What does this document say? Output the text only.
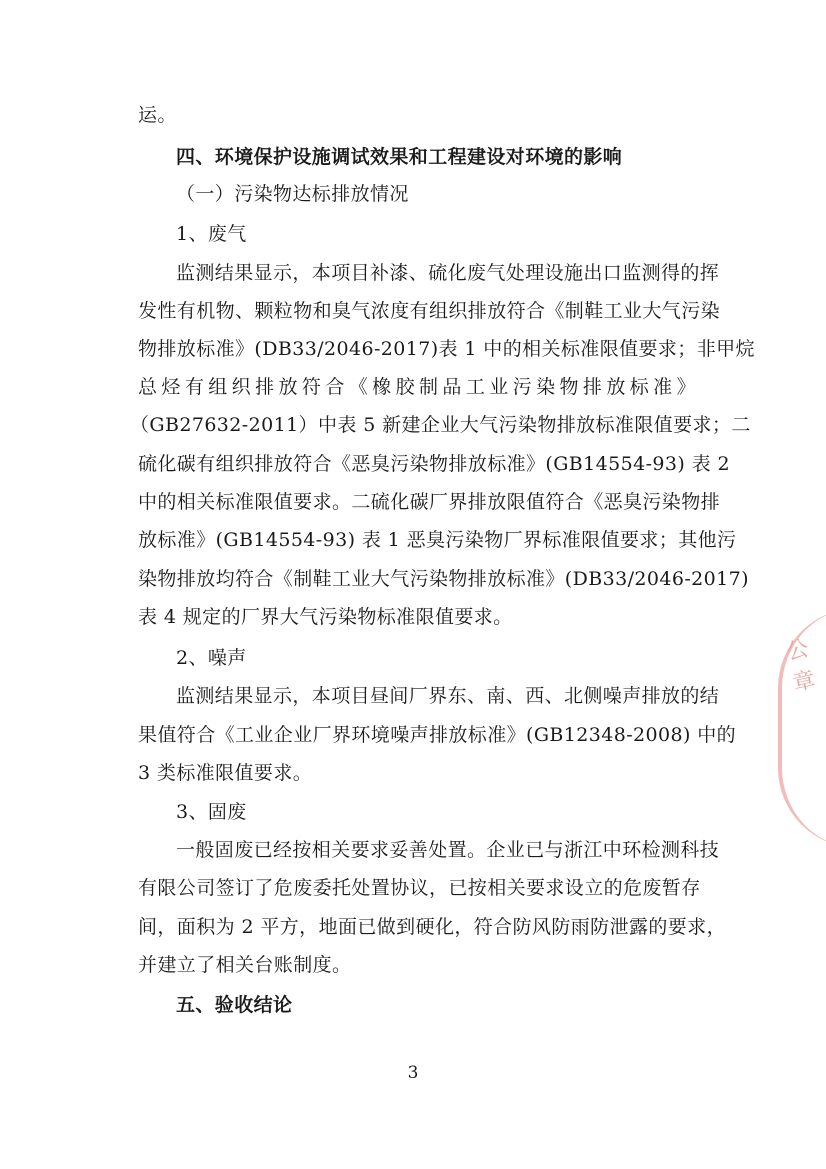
运。
四、环境保护设施调试效果和工程建设对环境的影响
（一）污染物达标排放情况
1、废气
监测结果显示，本项目补漆、硫化废气处理设施出口监测得的挥
发性有机物、颗粒物和臭气浓度有组织排放符合《制鞋工业大气污染
物排放标准》(DB33/2046-2017)表 1 中的相关标准限值要求；非甲烷
总烃有组织排放符合《橡胶制品工业污染物排放标准》
（GB27632-2011）中表 5 新建企业大气污染物排放标准限值要求；二
硫化碳有组织排放符合《恶臭污染物排放标准》(GB14554-93) 表 2
中的相关标准限值要求。二硫化碳厂界排放限值符合《恶臭污染物排
放标准》(GB14554-93) 表 1 恶臭污染物厂界标准限值要求；其他污
染物排放均符合《制鞋工业大气污染物排放标准》(DB33/2046-2017)
表 4 规定的厂界大气污染物标准限值要求。
2、噪声
监测结果显示，本项目昼间厂界东、南、西、北侧噪声排放的结
果值符合《工业企业厂界环境噪声排放标准》(GB12348-2008) 中的
3 类标准限值要求。
3、固废
一般固废已经按相关要求妥善处置。企业已与浙江中环检测科技
有限公司签订了危废委托处置协议，已按相关要求设立的危废暂存
间，面积为 2 平方，地面已做到硬化，符合防风防雨防泄露的要求，
并建立了相关台账制度。
五、验收结论
3
公章
